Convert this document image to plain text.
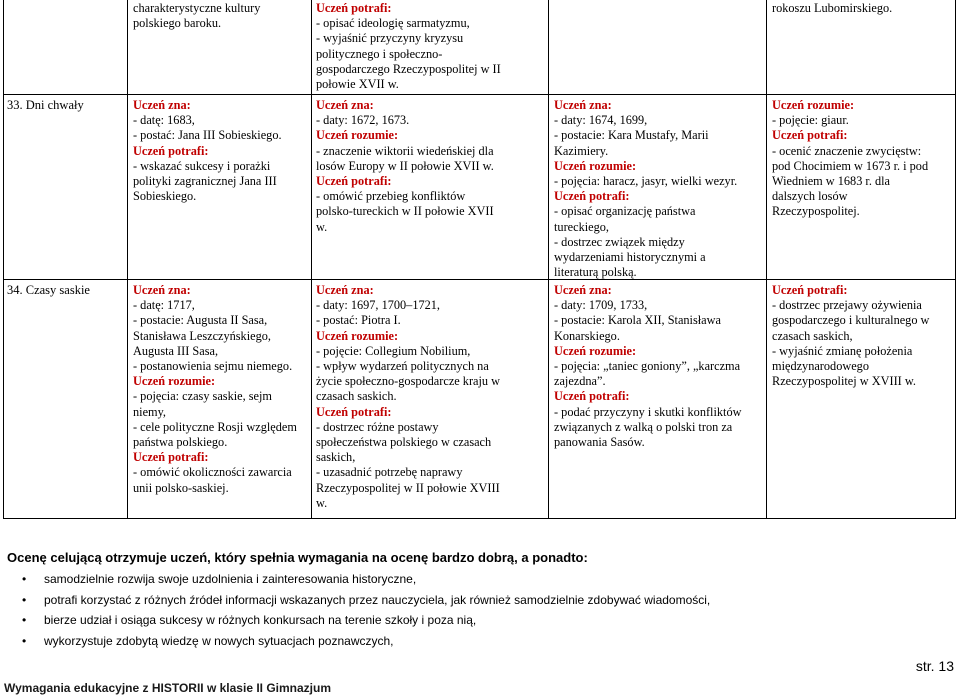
charakterystyczne kultury
polskiego baroku.
Uczeń potrafi:
- opisać ideologię sarmatyzmu,
- wyjaśnić przyczyny kryzysu
politycznego i społeczno-
gospodarczego Rzeczypospolitej w II
połowie XVII w.
rokoszu Lubomirskiego.
33. Dni chwały	Uczeń zna:
- datę: 1683,
- postać: Jana III Sobieskiego.
Uczeń potrafi:
- wskazać sukcesy i porażki
polityki zagranicznej Jana III
Sobieskiego.
Uczeń zna:
- daty: 1672, 1673.
Uczeń rozumie:
- znaczenie wiktorii wiedeńskiej dla
losów Europy w II połowie XVII w.
Uczeń potrafi:
- omówić przebieg konfliktów
polsko-tureckich w II połowie XVII
w.
Uczeń zna:
- daty: 1674, 1699,
- postacie: Kara Mustafy, Marii
Kazimiery.
Uczeń rozumie:
- pojęcia: haracz, jasyr, wielki wezyr.
Uczeń potrafi:
- opisać organizację państwa
tureckiego,
- dostrzec związek między
wydarzeniami historycznymi a
literaturą polską.
Uczeń rozumie:
- pojęcie: giaur.
Uczeń potrafi:
- ocenić znaczenie zwycięstw:
pod Chocimiem w 1673 r. i pod
Wiedniem w 1683 r. dla
dalszych losów
Rzeczypospolitej.
34. Czasy saskie	Uczeń zna:
- datę: 1717,
- postacie: Augusta II Sasa,
Stanisława Leszczyńskiego,
Augusta III Sasa,
- postanowienia sejmu niemego.
Uczeń rozumie:
- pojęcia: czasy saskie, sejm
niemy,
- cele polityczne Rosji względem
państwa polskiego.
Uczeń potrafi:
- omówić okoliczności zawarcia
unii polsko-saskiej.
Uczeń zna:
- daty: 1697, 1700‒1721,
- postać: Piotra I.
Uczeń rozumie:
- pojęcie: Collegium Nobilium,
- wpływ wydarzeń politycznych na
życie społeczno-gospodarcze kraju w
czasach saskich.
Uczeń potrafi:
- dostrzec różne postawy
społeczeństwa polskiego w czasach
saskich,
- uzasadnić potrzebę naprawy
Rzeczypospolitej w II połowie XVIII
w.
Uczeń zna:
- daty: 1709, 1733,
- postacie: Karola XII, Stanisława
Konarskiego.
Uczeń rozumie:
- pojęcia: „taniec goniony”, „karczma
zajezdna”.
Uczeń potrafi:
- podać przyczyny i skutki konfliktów
związanych z walką o polski tron za
panowania Sasów.
Uczeń potrafi:
- dostrzec przejawy ożywienia
gospodarczego i kulturalnego w
czasach saskich,
- wyjaśnić zmianę położenia
międzynarodowego
Rzeczypospolitej w XVIII w.
Ocenę celującą otrzymuje uczeń, który spełnia wymagania na ocenę bardzo dobrą, a ponadto:
• samodzielnie rozwija swoje uzdolnienia i zainteresowania historyczne,
• potrafi korzystać z różnych źródeł informacji wskazanych przez nauczyciela, jak również samodzielnie zdobywać wiadomości,
• bierze udział i osiąga sukcesy w różnych konkursach na terenie szkoły i poza nią,
• wykorzystuje zdobytą wiedzę w nowych sytuacjach poznawczych,
str. 13
Wymagania edukacyjne z HISTORII w klasie II Gimnazjum
